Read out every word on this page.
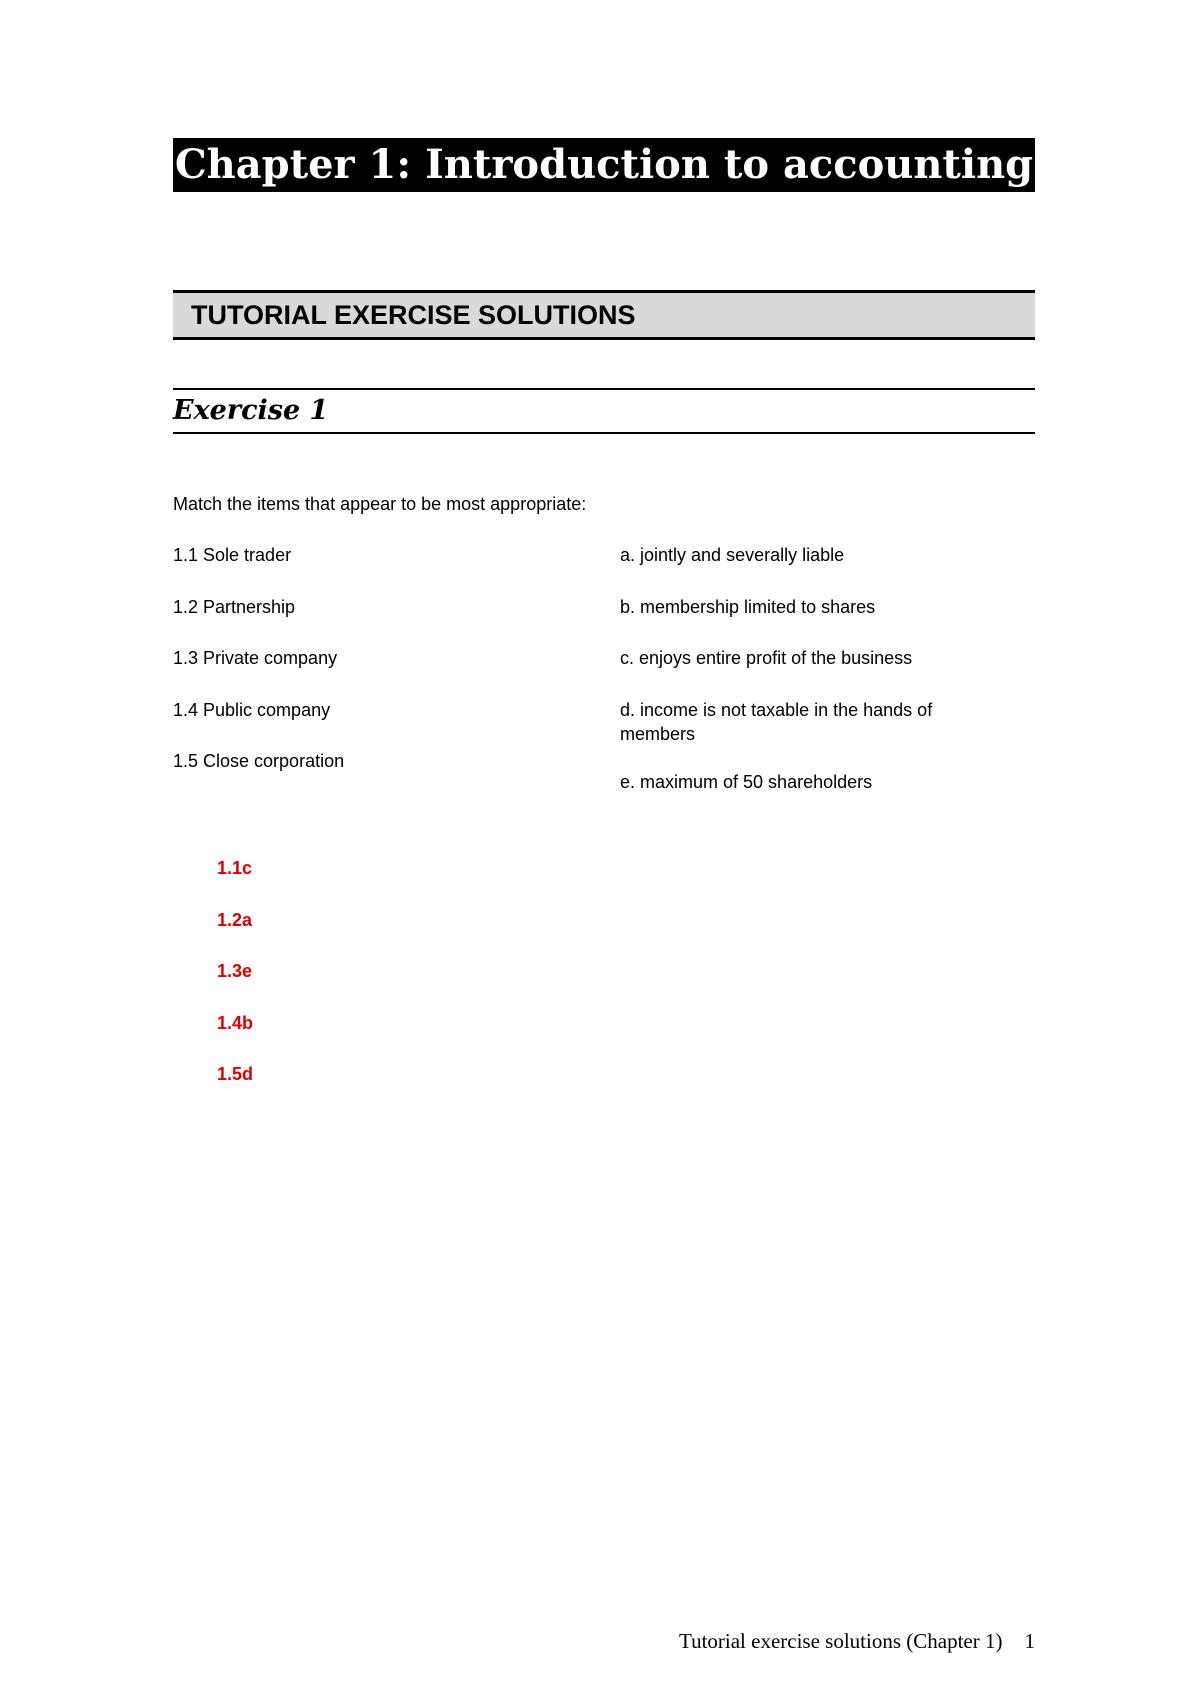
Chapter 1: Introduction to accounting
TUTORIAL EXERCISE SOLUTIONS
Exercise 1
Match the items that appear to be most appropriate:
1.1 Sole trader
1.2 Partnership
1.3 Private company
1.4 Public company
1.5 Close corporation
a. jointly and severally liable
b. membership limited to shares
c. enjoys entire profit of the business
d. income is not taxable in the hands of members
e. maximum of 50 shareholders
1.1c
1.2a
1.3e
1.4b
1.5d
Tutorial exercise solutions (Chapter 1) 1
